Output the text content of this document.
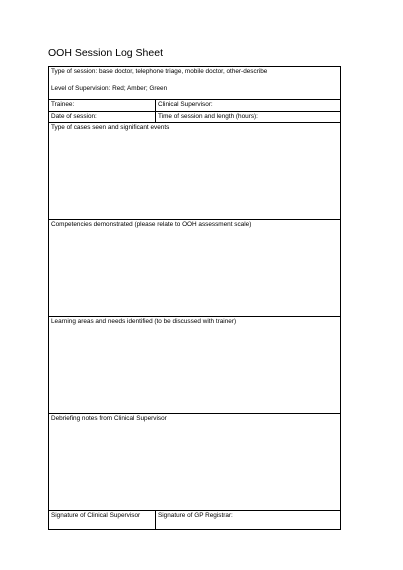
OOH Session Log Sheet
Type of session: base doctor, telephone triage, mobile doctor, other-describe
Level of Supervision: Red; Amber; Green	

Trainee:	Clinical Supervisor:
Date of session:	Time of session and length (hours):
Type of cases seen and significant events	
Competencies demonstrated (please relate to OOH assessment scale)	
Learning areas and needs identified (to be discussed with trainer)	
Debriefing notes from Clinical Supervisor	
Signature of Clinical Supervisor	Signature of GP Registrar:
